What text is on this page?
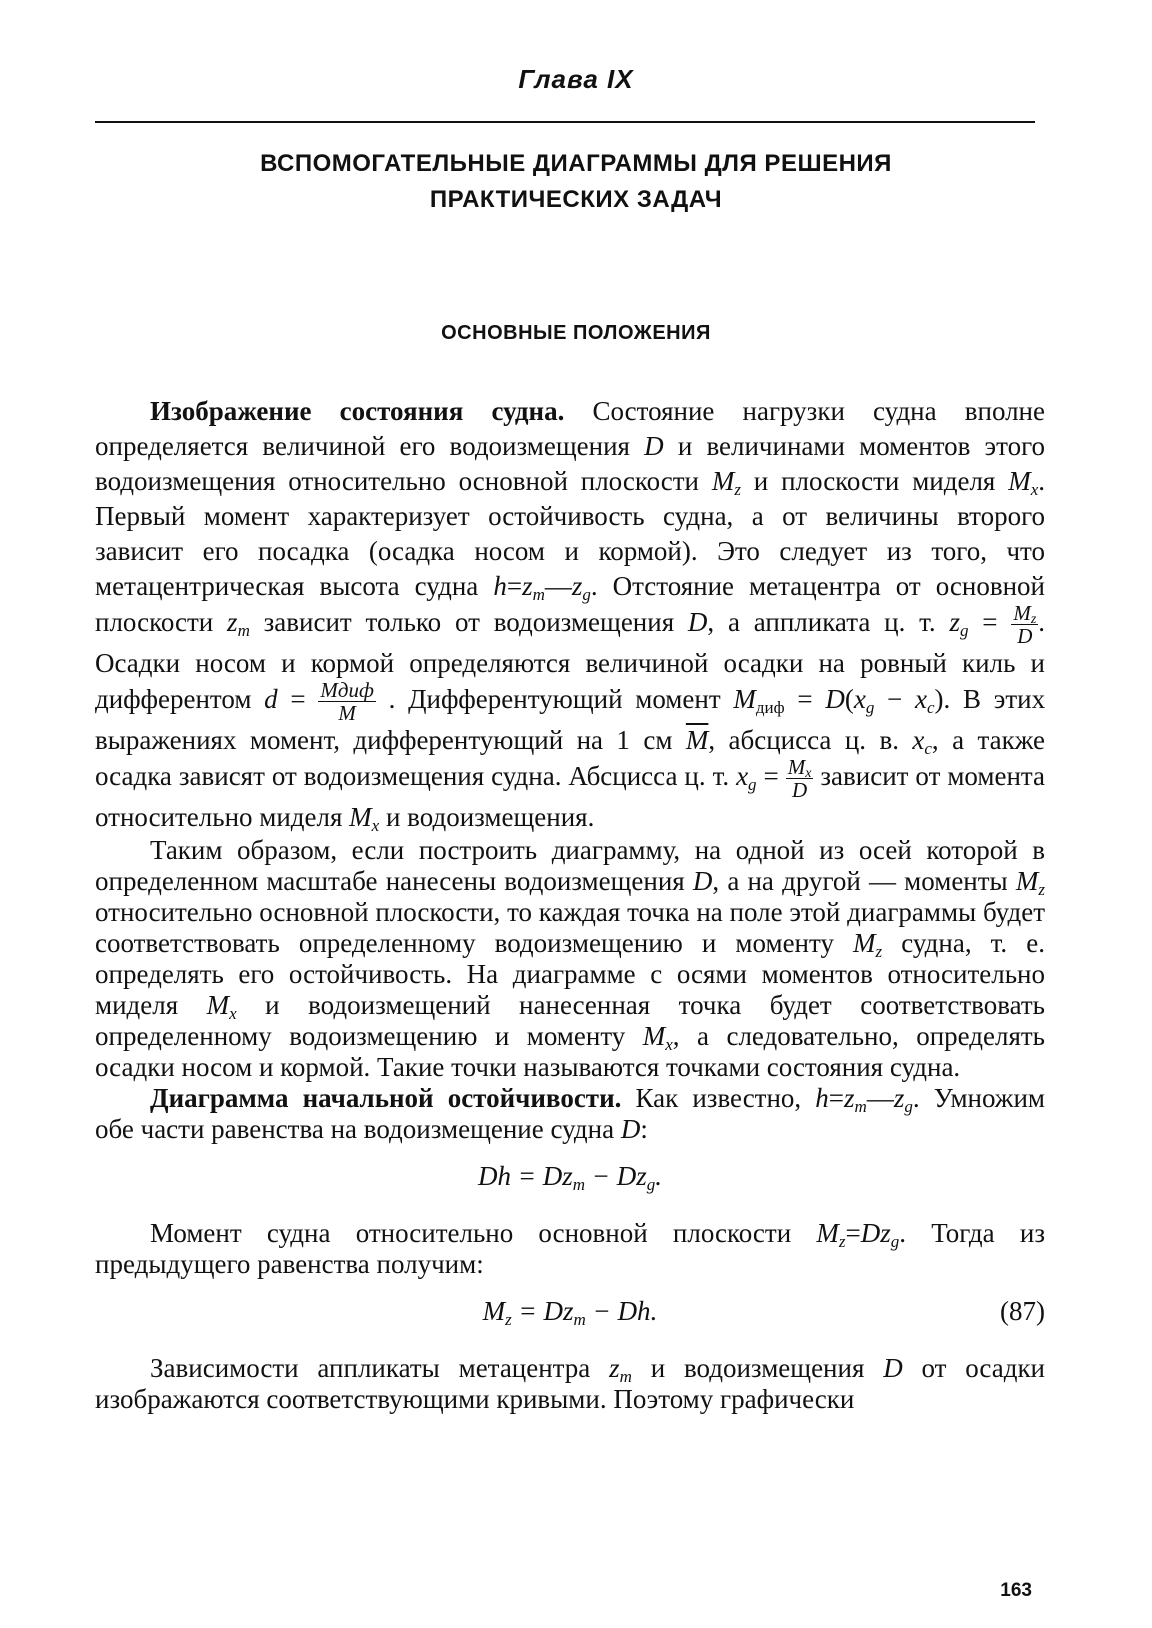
Глава IX
ВСПОМОГАТЕЛЬНЫЕ ДИАГРАММЫ ДЛЯ РЕШЕНИЯ
ПРАКТИЧЕСКИХ ЗАДАЧ
ОСНОВНЫЕ ПОЛОЖЕНИЯ

Изображение состояния судна. Состояние нагрузки судна вполне определяется величиной его водоизмещения D и величинами моментов этого водоизмещения относительно основной плоскости $M_z$ и плоскости миделя $M_x$. Первый момент характеризует остойчивость судна, а от величины второго зависит его посадка (осадка носом и кормой). Это следует из того, что метацентрическая высота судна $h=z_m—z_g$. Отстояние метацентра от основной плоскости $z_m$ зависит только от водоизмещения D, а аппликата ц. т. $z_g = \frac{M_z}{D}$ . Осадки носом и кормой определяются величиной осадки на ровный киль и дифферентом $d = \frac{\text{Mдиф}}{M}$ . Дифферентующий момент $M_{диф} = D(x_g - x_c)$. В этих выражениях момент, дифферентующий на 1 см $\overline{M}$, абсцисса ц. в. $x_c$, а также осадка зависят от водоизмещения судна. Абсцисса ц. т. $x_g = \frac{M_x}{D}$ зависит от момента относительно миделя $M_x$ и водоизмещения.

Таким образом, если построить диаграмму, на одной из осей которой в определенном масштабе нанесены водоизмещения D, а на другой — моменты $M_z$ относительно основной плоскости, то каждая точка на поле этой диаграммы будет соответствовать определенному водоизмещению и моменту $M_z$ судна, т. е. определять его остойчивость. На диаграмме с осями моментов относительно миделя $M_x$ и водоизмещений нанесенная точка будет соответствовать определенному водоизмещению и моменту $M_x$, а следовательно, определять осадки носом и кормой. Такие точки называются точками состояния судна.

Диаграмма начальной остойчивости. Как известно, $h=z_m—z_g$. Умножим обе части равенства на водоизмещение судна D:

$Dh = Dz_m - Dz_g$.

Момент судна относительно основной плоскости $M_z=Dz_g$. Тогда из предыдущего равенства получим:

$M_z = Dz_m - Dh$.	(87)

Зависимости аппликаты метацентра $z_m$ и водоизмещения D от осадки изображаются соответствующими кривыми. Поэтому графически

163
